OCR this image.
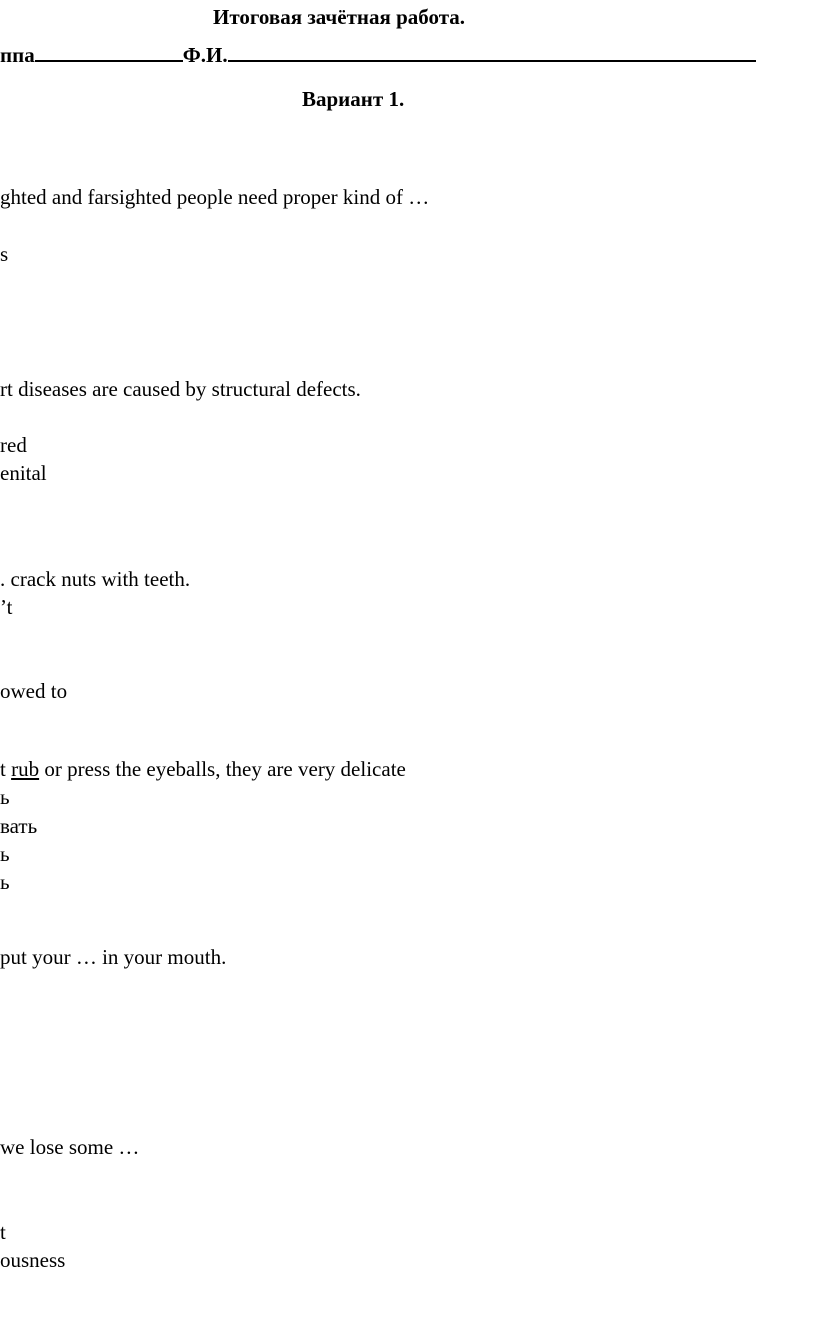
Итоговая зачётная работа.
ппа	Ф.И.
Вариант 1.
ghted and farsighted people need proper kind of …
s
rt diseases are caused by structural defects.
red
enital
. crack nuts with teeth.
’t
owed to
t rub or press the eyeballs, they are very delicate
ь
вать
ь
ь
put your … in your mouth.
we lose some …
t
ousness
